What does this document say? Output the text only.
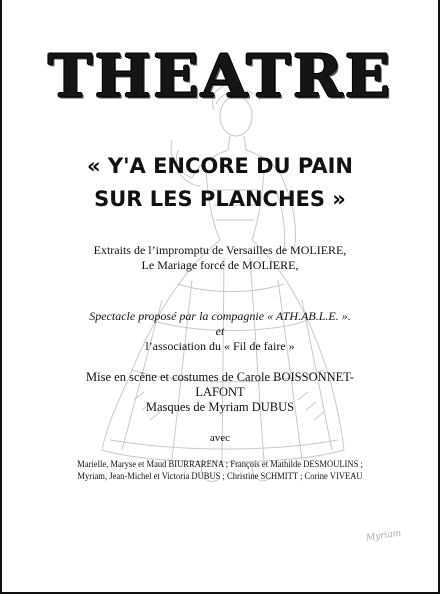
THEATRE
« Y'A ENCORE DU PAIN
SUR LES PLANCHES »
Extraits de l’impromptu de Versailles de MOLIERE,
Le Mariage forcé de MOLIERE,
Spectacle proposé par la compagnie « ATH.AB.L.E. ».
et
l’association du « Fil de faire »
Mise en scène et costumes de Carole BOISSONNET-
LAFONT
Masques de Myriam DUBUS
avec
Marielle, Maryse et Maud BIURRARENA ; François et Mathilde DESMOULINS ;
Myriam, Jean-Michel et Victoria DUBUS ; Christine SCHMITT ; Corine VIVEAU
Myriam
